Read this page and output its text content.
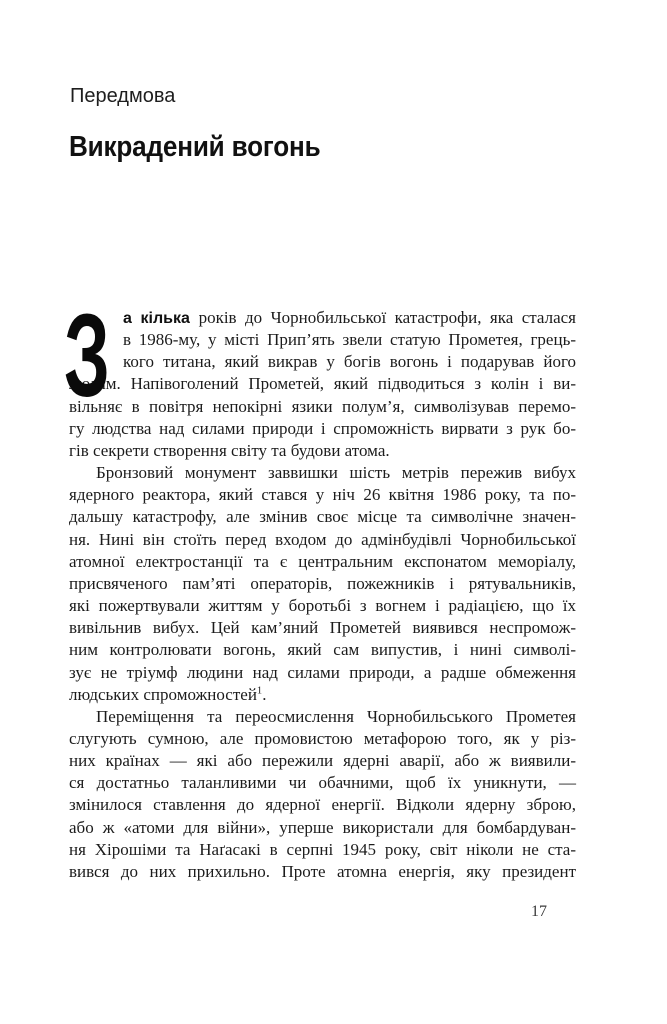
Передмова
Викрадений вогонь
З а кілька років до Чорнобильської катастрофи, яка сталася
в 1986-му, у місті Прип’ять звели статую Прометея, грець-
кого титана, який викрав у богів вогонь і подарував його
людям. Напівоголений Прометей, який підводиться з колін і ви-
вільняє в повітря непокірні язики полум’я, символізував перемо-
гу людства над силами природи і спроможність вирвати з рук бо-
гів секрети створення світу та будови атома.
Бронзовий монумент заввишки шість метрів пережив вибух
ядерного реактора, який стався у ніч 26 квітня 1986 року, та по-
дальшу катастрофу, але змінив своє місце та символічне значен-
ня. Нині він стоїть перед входом до адмінбудівлі Чорнобильської
атомної електростанції та є центральним експонатом меморіалу,
присвяченого пам’яті операторів, пожежників і рятувальників,
які пожертвували життям у боротьбі з вогнем і радіацією, що їх
вивільнив вибух. Цей кам’яний Прометей виявився неспромож-
ним контролювати вогонь, який сам випустив, і нині символі-
зує не тріумф людини над силами природи, а радше обмеження
людських спроможностей$^1$.
Переміщення та переосмислення Чорнобильського Прометея
слугують сумною, але промовистою метафорою того, як у різ-
них країнах — які або пережили ядерні аварії, або ж виявили-
ся достатньо таланливими чи обачними, щоб їх уникнути, —
змінилося ставлення до ядерної енергії. Відколи ядерну зброю,
або ж «атоми для війни», уперше використали для бомбардуван-
ня Хірошіми та Наґасакі в серпні 1945 року, світ ніколи не ста-
вився до них прихильно. Проте атомна енергія, яку президент
17
